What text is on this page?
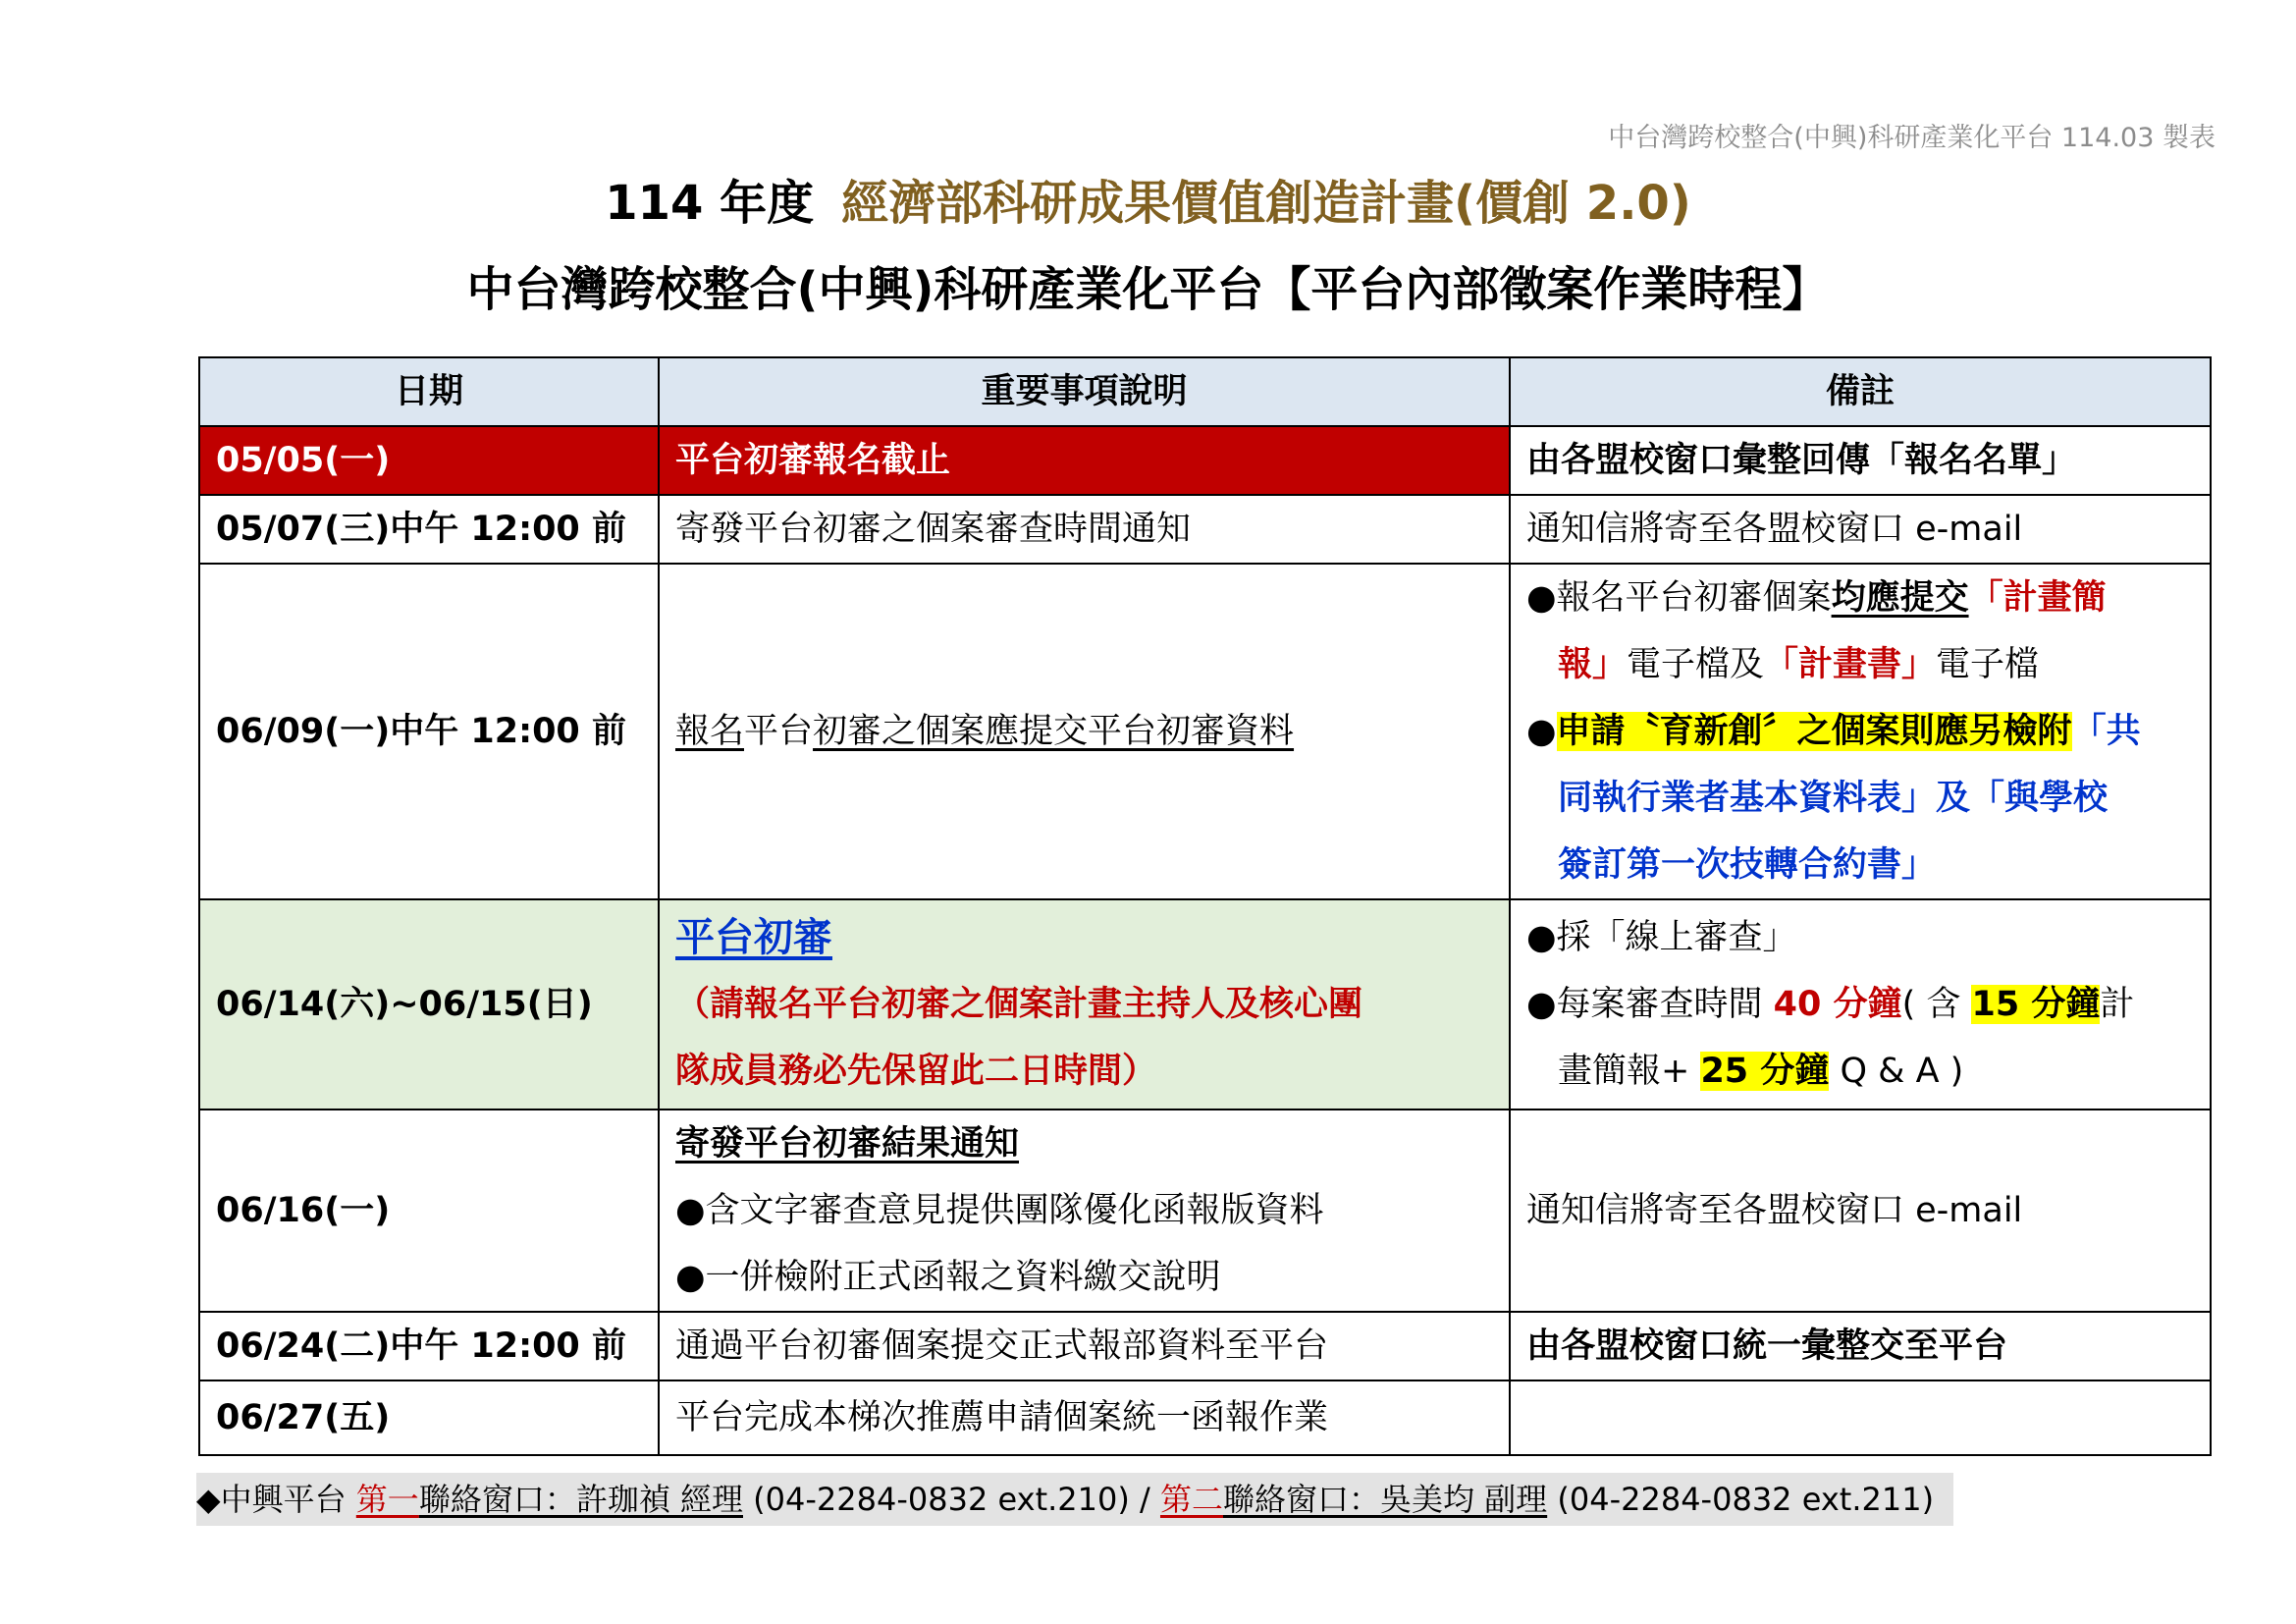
中台灣跨校整合(中興)科研產業化平台 114.03 製表
114 年度 經濟部科研成果價值創造計畫(價創 2.0)
中台灣跨校整合(中興)科研產業化平台【平台內部徵案作業時程】
日期	重要事項說明	備註
05/05(一)	平台初審報名截止	由各盟校窗口彙整回傳「報名名單」
05/07(三)中午 12:00 前	寄發平台初審之個案審查時間通知	通知信將寄至各盟校窗口 e-mail
06/09(一)中午 12:00 前	報名平台初審之個案應提交平台初審資料	●報名平台初審個案均應提交「計畫簡
報」電子檔及「計畫書」電子檔
●申請〝育新創〞之個案則應另檢附「共
同執行業者基本資料表」及「與學校
簽訂第一次技轉合約書」

06/14(六)~06/15(日)	平台初審
（請報名平台初審之個案計畫主持人及核心團
隊成員務必先保留此二日時間）	●採「線上審查」
●每案審查時間 40 分鐘( 含 15 分鐘計
畫簡報+ 25 分鐘 Q & A )

06/16(一)	寄發平台初審結果通知
●含文字審查意見提供團隊優化函報版資料
●一併檢附正式函報之資料繳交說明	通知信將寄至各盟校窗口 e-mail
06/24(二)中午 12:00 前	通過平台初審個案提交正式報部資料至平台	由各盟校窗口統一彙整交至平台
06/27(五)	平台完成本梯次推薦申請個案統一函報作業	
◆中興平台 第一聯絡窗口：許珈禎 經理 (04-2284-0832 ext.210) / 第二聯絡窗口：吳美均 副理 (04-2284-0832 ext.211)
